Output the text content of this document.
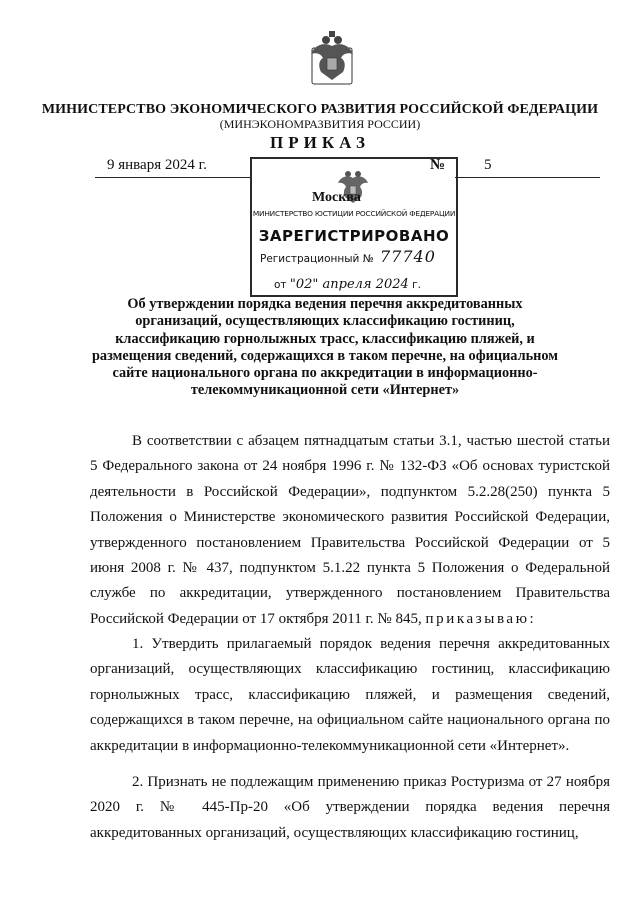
МИНИСТЕРСТВО ЭКОНОМИЧЕСКОГО РАЗВИТИЯ РОССИЙСКОЙ ФЕДЕРАЦИИ
(МИНЭКОНОМРАЗВИТИЯ РОССИИ)
ПРИКАЗ
9 января 2024 г.
МИНИСТЕРСТВО ЮСТИЦИИ РОССИЙСКОЙ ФЕДЕРАЦИИ
ЗАРЕГИСТРИРОВАНО
Регистрационный № 77740
от "02" апреля 2024 г.
Москва
№	5
Об утверждении порядка ведения перечня аккредитованных организаций, осуществляющих классификацию гостиниц, классификацию горнолыжных трасс, классификацию пляжей, и размещения сведений, содержащихся в таком перечне, на официальном сайте национального органа по аккредитации в информационно-телекоммуникационной сети «Интернет»
В соответствии с абзацем пятнадцатым статьи 3.1, частью шестой статьи 5 Федерального закона от 24 ноября 1996 г. № 132-ФЗ «Об основах туристской деятельности в Российской Федерации», подпунктом 5.2.28(250) пункта 5 Положения о Министерстве экономического развития Российской Федерации, утвержденного постановлением Правительства Российской Федерации от 5 июня 2008 г. № 437, подпунктом 5.1.22 пункта 5 Положения о Федеральной службе по аккредитации, утвержденного постановлением Правительства Российской Федерации от 17 октября 2011 г. № 845, приказываю:
1. Утвердить прилагаемый порядок ведения перечня аккредитованных организаций, осуществляющих классификацию гостиниц, классификацию горнолыжных трасс, классификацию пляжей, и размещения сведений, содержащихся в таком перечне, на официальном сайте национального органа по аккредитации в информационно-телекоммуникационной сети «Интернет».
2. Признать не подлежащим применению приказ Ростуризма от 27 ноября 2020 г. № 445-Пр-20 «Об утверждении порядка ведения перечня аккредитованных организаций, осуществляющих классификацию гостиниц,
